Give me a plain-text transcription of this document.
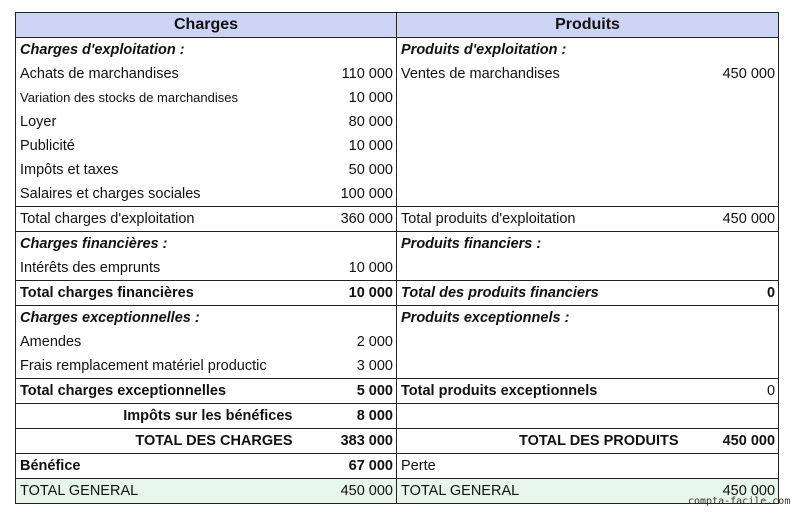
Charges		Produits	
Charges d'exploitation :		Produits d'exploitation :	
Achats de marchandises	110 000	Ventes de marchandises	450 000
Variation des stocks de marchandises	10 000		
Loyer	80 000		
Publicité	10 000		
Impôts et taxes	50 000		
Salaires et charges sociales	100 000		
Total charges d'exploitation	360 000	Total produits d'exploitation	450 000
Charges financières :		Produits financiers :	
Intérêts des emprunts	10 000		
Total charges financières	10 000	Total des produits financiers	0
Charges exceptionnelles :		Produits exceptionnels :	
Amendes	2 000		
Frais remplacement matériel productic	3 000		
Total charges exceptionnelles	5 000	Total produits exceptionnels	0
Impôts sur les bénéfices	8 000		
TOTAL DES CHARGES	383 000	TOTAL DES PRODUITS	450 000
Bénéfice	67 000	Perte	
TOTAL GENERAL	450 000	TOTAL GENERAL	450 000
compta-facile.com
